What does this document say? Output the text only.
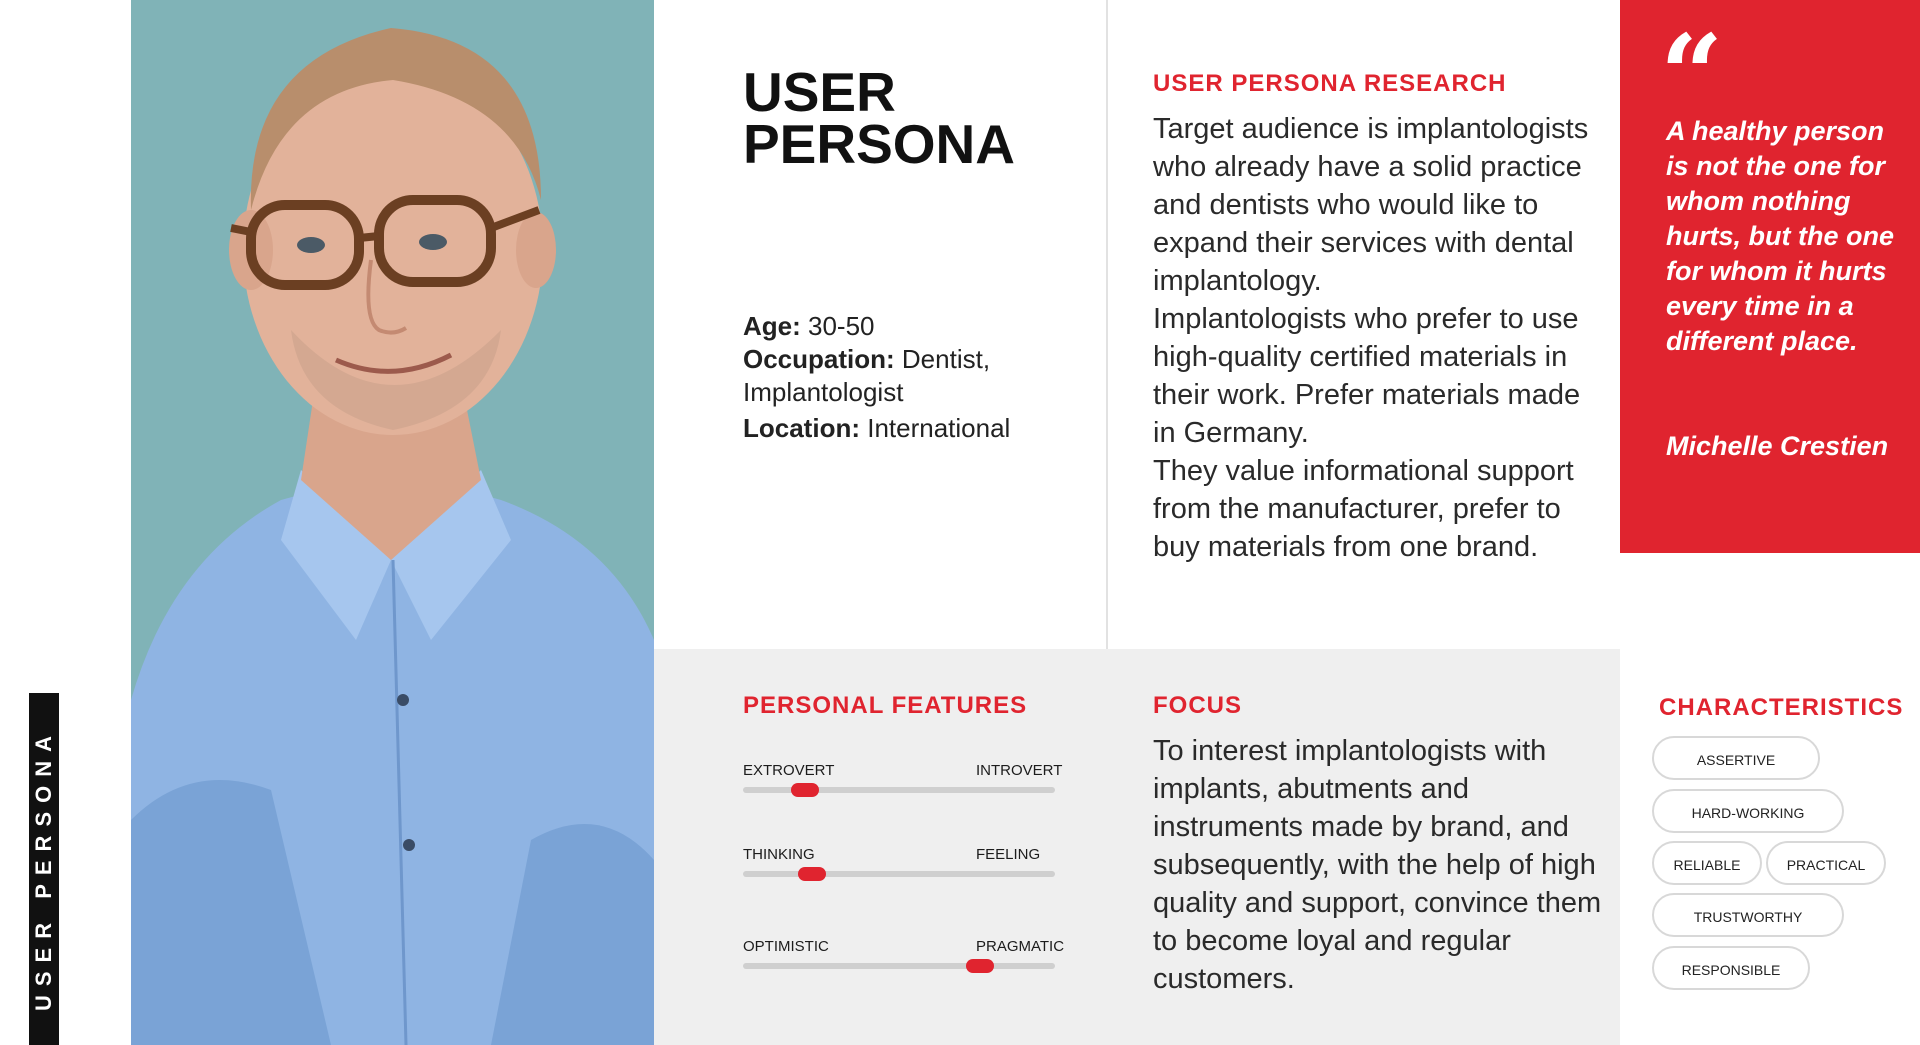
USER PERSONA
USER
PERSONA
Age: 30-50
Occupation: Dentist,
Implantologist
Location: International
USER PERSONA RESEARCH

Target audience is implantologists who already have a solid practice and dentists who would like to expand their services with dental implantology.

Implantologists who prefer to use high-quality certified materials in their work. Prefer materials made in Germany.

They value informational support from the manufacturer, prefer to buy materials from one brand.

“
A healthy person is not the one for whom nothing hurts, but the one for whom it hurts every time in a different place.
Michelle Crestien
PERSONAL FEATURES
EXTROVERT	INTROVERT
THINKING	FEELING
OPTIMISTIC	PRAGMATIC
FOCUS
To interest implantologists with implants, abutments and instruments made by brand, and subsequently, with the help of high quality and support, convince them to become loyal and regular customers.
CHARACTERISTICS
ASSERTIVE
HARD-WORKING
RELIABLE	PRACTICAL
TRUSTWORTHY
RESPONSIBLE
